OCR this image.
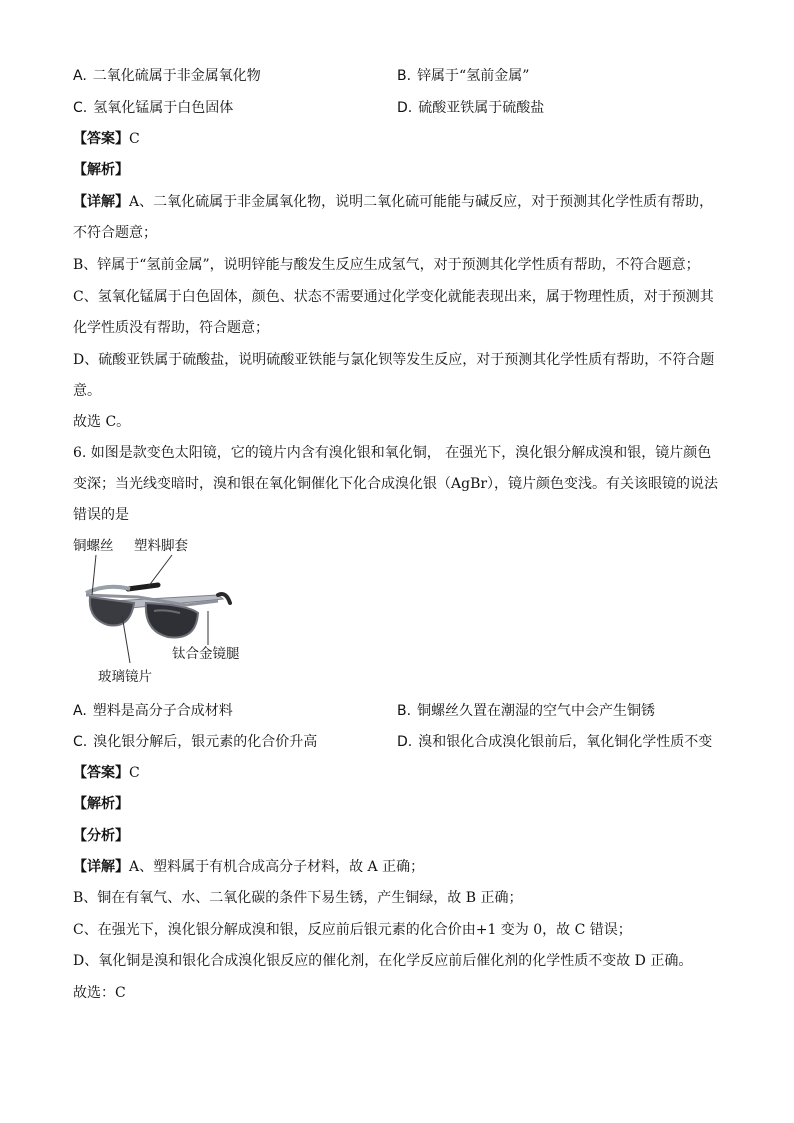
A. 二氧化硫属于非金属氧化物	B. 锌属于“氢前金属”
C. 氢氧化锰属于白色固体	D. 硫酸亚铁属于硫酸盐
【答案】C
【解析】
【详解】A、二氧化硫属于非金属氧化物，说明二氧化硫可能能与碱反应，对于预测其化学性质有帮助，
不符合题意；
B、锌属于“氢前金属”，说明锌能与酸发生反应生成氢气，对于预测其化学性质有帮助，不符合题意；
C、氢氧化锰属于白色固体，颜色、状态不需要通过化学变化就能表现出来，属于物理性质，对于预测其
化学性质没有帮助，符合题意；
D、硫酸亚铁属于硫酸盐，说明硫酸亚铁能与氯化钡等发生反应，对于预测其化学性质有帮助，不符合题
意。
故选 C。
6. 如图是款变色太阳镜，它的镜片内含有溴化银和氧化铜， 在强光下，溴化银分解成溴和银，镜片颜色
变深；当光线变暗时，溴和银在氧化铜催化下化合成溴化银（AgBr），镜片颜色变浅。有关该眼镜的说法
错误的是
铜螺丝 塑料脚套
钛合金镜腿
玻璃镜片
A. 塑料是高分子合成材料	B. 铜螺丝久置在潮湿的空气中会产生铜锈
C. 溴化银分解后，银元素的化合价升高	D. 溴和银化合成溴化银前后，氧化铜化学性质不变
【答案】C
【解析】
【分析】
【详解】A、塑料属于有机合成高分子材料，故 A 正确；
B、铜在有氧气、水、二氧化碳的条件下易生锈，产生铜绿，故 B 正确；
C、在强光下，溴化银分解成溴和银，反应前后银元素的化合价由+1 变为 0，故 C 错误；
D、氧化铜是溴和银化合成溴化银反应的催化剂，在化学反应前后催化剂的化学性质不变故 D 正确。
故选：C
